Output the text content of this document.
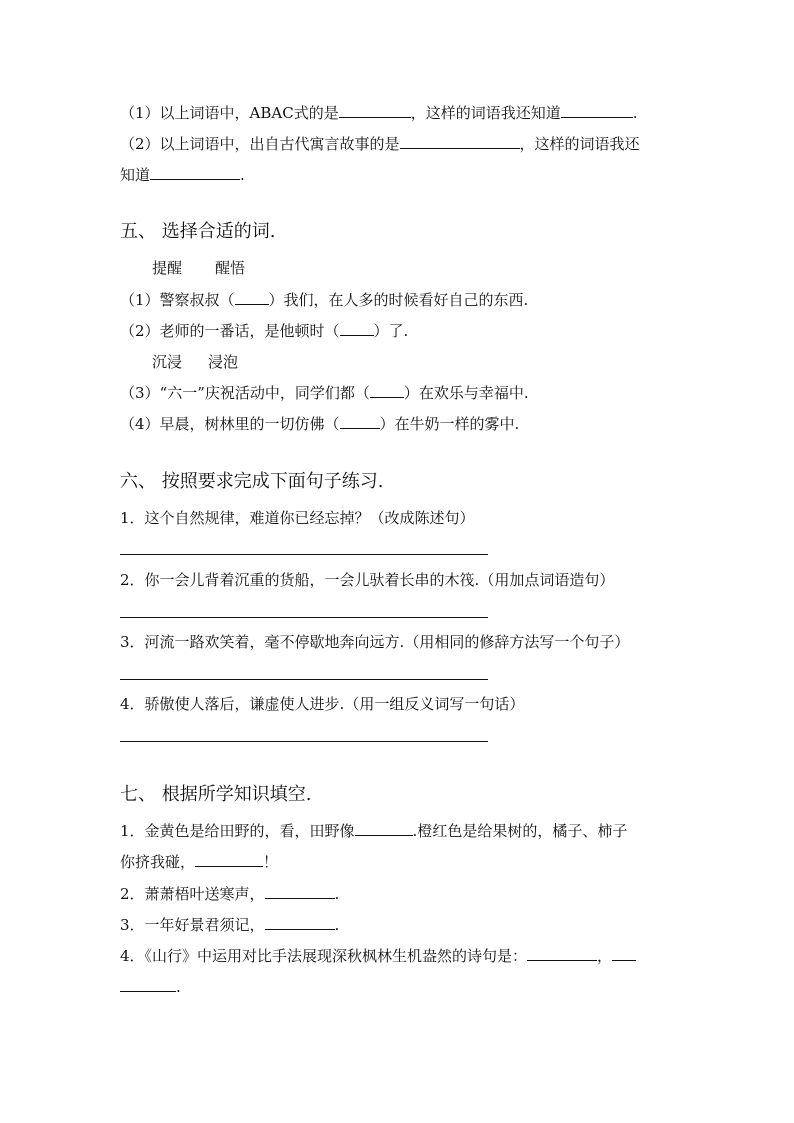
（1）以上词语中，ABAC式的是	，这样的词语我还知道	.
（2）以上词语中，出自古代寓言故事的是	，这样的词语我还
知道	.
五、 选择合适的词.
提醒 醒悟
（1）警察叔叔（ ）我们，在人多的时候看好自己的东西.
（2）老师的一番话，是他顿时（ ）了.
沉浸 浸泡
（3）“六一”庆祝活动中，同学们都（ ）在欢乐与幸福中.
（4）早晨，树林里的一切仿佛（	）在牛奶一样的雾中.
六、 按照要求完成下面句子练习.
1．这个自然规律，难道你已经忘掉？（改成陈述句）
2．你一会儿背着沉重的货船，一会儿驮着长串的木筏.（用加点词语造句）
3．河流一路欢笑着，毫不停歇地奔向远方.（用相同的修辞方法写一个句子）
4．骄傲使人落后，谦虚使人进步.（用一组反义词写一句话）
七、 根据所学知识填空.
1．金黄色是给田野的，看，田野像	.橙红色是给果树的，橘子、柿子
你挤我碰，	！
2．萧萧梧叶送寒声，	.
3．一年好景君须记，	.
4．《山行》中运用对比手法展现深秋枫林生机盎然的诗句是：	，
.
